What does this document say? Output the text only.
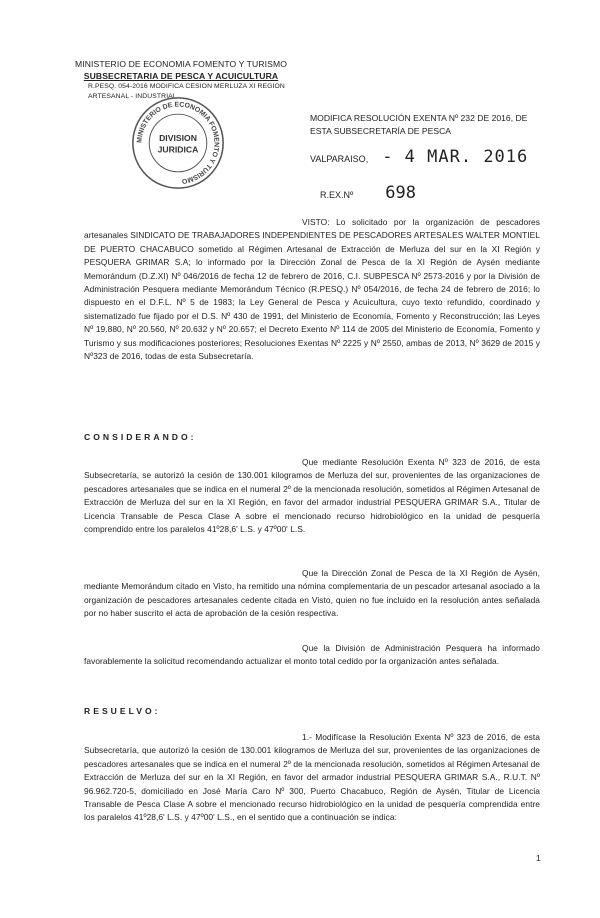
MINISTERIO DE ECONOMIA FOMENTO Y TURISMO
SUBSECRETARIA DE PESCA Y ACUICULTURA
R.PESQ. 054-2016 MODIFICA CESION MERLUZA XI REGION
ARTESANAL - INDUSTRIAL
MINISTERIO DE ECONOMIA FOMENTO Y TURISMO
DIVISION
JURIDICA
MODIFICA RESOLUCIÓN EXENTA Nº 232 DE 2016, DE
ESTA SUBSECRETARÍA DE PESCA
VALPARAISO, - 4 MAR. 2016
R.EX.Nº 698
VISTO: Lo solicitado por la organización de pescadores artesanales SINDICATO DE TRABAJADORES INDEPENDIENTES DE PESCADORES ARTESALES WALTER MONTIEL DE PUERTO CHACABUCO sometido al Régimen Artesanal de Extracción de Merluza del sur en la XI Región y PESQUERA GRIMAR S.A; lo informado por la Dirección Zonal de Pesca de la XI Región de Aysén mediante Memorándum (D.Z.XI) Nº 046/2016 de fecha 12 de febrero de 2016, C.I. SUBPESCA Nº 2573-2016 y por la División de Administración Pesquera mediante Memorándum Técnico (R.PESQ.) Nº 054/2016, de fecha 24 de febrero de 2016; lo dispuesto en el D.F.L. Nº 5 de 1983; la Ley General de Pesca y Acuicultura, cuyo texto refundido, coordinado y sistematizado fue fijado por el D.S. Nº 430 de 1991, del Ministerio de Economía, Fomento y Reconstrucción; las Leyes Nº 19.880, Nº 20.560, Nº 20.632 y Nº 20.657; el Decreto Exento Nº 114 de 2005 del Ministerio de Economía, Fomento y Turismo y sus modificaciones posteriores; Resoluciones Exentas Nº 2225 y Nº 2550, ambas de 2013, Nº 3629 de 2015 y Nº323 de 2016, todas de esta Subsecretaría.
CONSIDERANDO:
Que mediante Resolución Exenta Nº 323 de 2016, de esta Subsecretaría, se autorizó la cesión de 130.001 kilogramos de Merluza del sur, provenientes de las organizaciones de pescadores artesanales que se indica en el numeral 2º de la mencionada resolución, sometidos al Régimen Artesanal de Extracción de Merluza del sur en la XI Región, en favor del armador industrial PESQUERA GRIMAR S.A., Titular de Licencia Transable de Pesca Clase A sobre el mencionado recurso hidrobiológico en la unidad de pesquería comprendido entre los paralelos 41º28,6' L.S. y 47º00' L.S.
Que la Dirección Zonal de Pesca de la XI Región de Aysén, mediante Memorándum citado en Visto, ha remitido una nómina complementaria de un pescador artesanal asociado a la organización de pescadores artesanales cedente citada en Visto, quien no fue incluido en la resolución antes señalada por no haber suscrito el acta de aprobación de la cesión respectiva.
Que la División de Administración Pesquera ha informado favorablemente la solicitud recomendando actualizar el monto total cedido por la organización antes señalada.
RESUELVO:
1.- Modifícase la Resolución Exenta Nº 323 de 2016, de esta Subsecretaría, que autorizó la cesión de 130.001 kilogramos de Merluza del sur, provenientes de las organizaciones de pescadores artesanales que se indica en el numeral 2º de la mencionada resolución, sometidos al Régimen Artesanal de Extracción de Merluza del sur en la XI Región, en favor del armador industrial PESQUERA GRIMAR S.A., R.U.T. Nº 96.962.720-5, domiciliado en José María Caro Nº 300, Puerto Chacabuco, Región de Aysén, Titular de Licencia Transable de Pesca Clase A sobre el mencionado recurso hidrobiológico en la unidad de pesquería comprendida entre los paralelos 41º28,6' L.S. y 47º00' L.S., en el sentido que a continuación se indica:
1
